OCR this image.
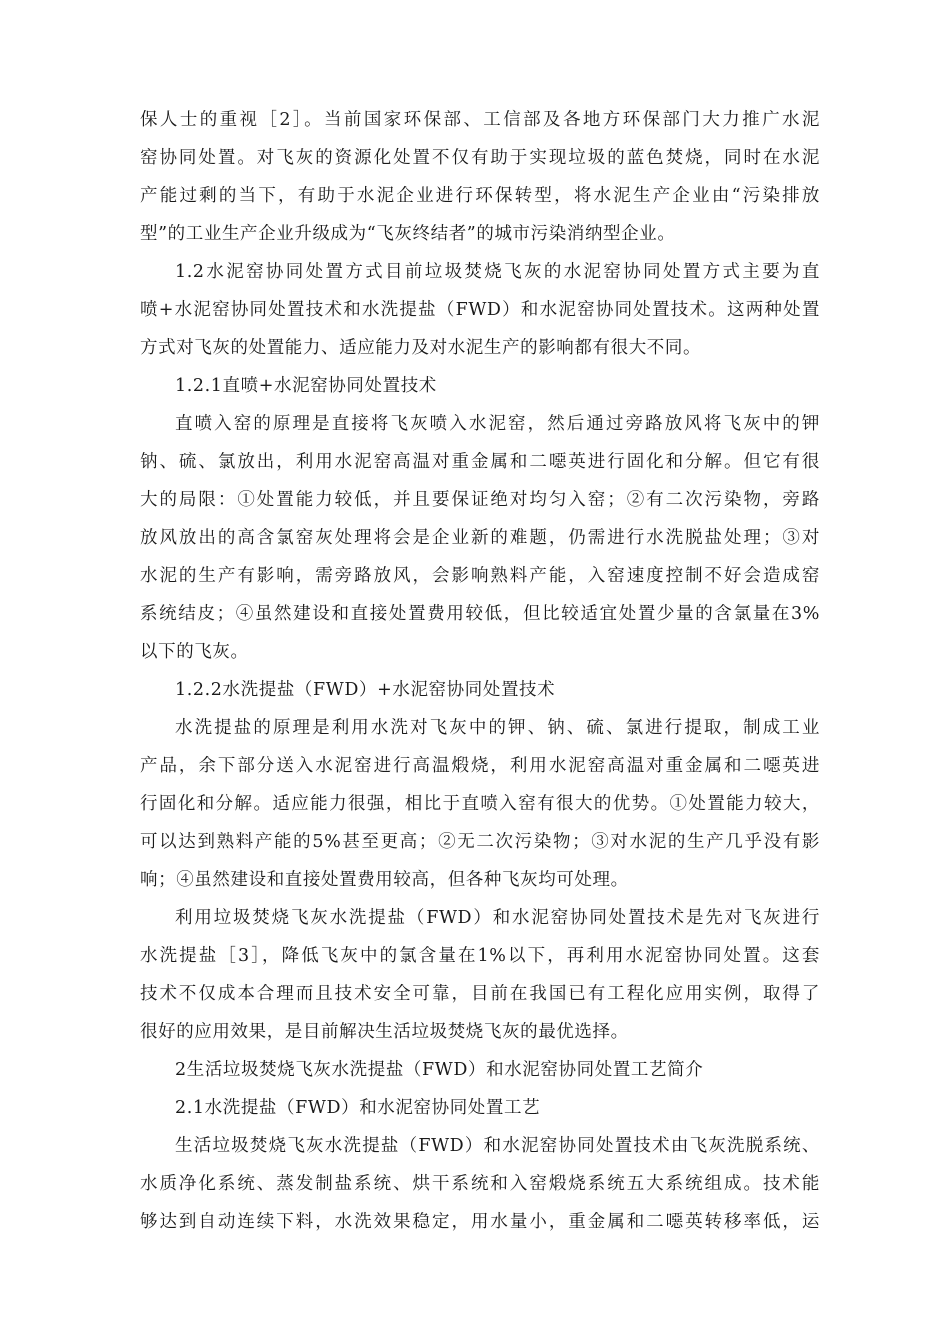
保人士的重视［2］。当前国家环保部、工信部及各地方环保部门大力推广水泥
窑协同处置。对飞灰的资源化处置不仅有助于实现垃圾的蓝色焚烧，同时在水泥
产能过剩的当下，有助于水泥企业进行环保转型，将水泥生产企业由“污染排放
型”的工业生产企业升级成为“飞灰终结者”的城市污染消纳型企业。
1.2水泥窑协同处置方式目前垃圾焚烧飞灰的水泥窑协同处置方式主要为直
喷+水泥窑协同处置技术和水洗提盐（FWD）和水泥窑协同处置技术。这两种处置
方式对飞灰的处置能力、适应能力及对水泥生产的影响都有很大不同。
1.2.1直喷+水泥窑协同处置技术
直喷入窑的原理是直接将飞灰喷入水泥窑，然后通过旁路放风将飞灰中的钾
钠、硫、氯放出，利用水泥窑高温对重金属和二噁英进行固化和分解。但它有很
大的局限：①处置能力较低，并且要保证绝对均匀入窑；②有二次污染物，旁路
放风放出的高含氯窑灰处理将会是企业新的难题，仍需进行水洗脱盐处理；③对
水泥的生产有影响，需旁路放风，会影响熟料产能，入窑速度控制不好会造成窑
系统结皮；④虽然建设和直接处置费用较低，但比较适宜处置少量的含氯量在3%
以下的飞灰。
1.2.2水洗提盐（FWD）+水泥窑协同处置技术
水洗提盐的原理是利用水洗对飞灰中的钾、钠、硫、氯进行提取，制成工业
产品，余下部分送入水泥窑进行高温煅烧，利用水泥窑高温对重金属和二噁英进
行固化和分解。适应能力很强，相比于直喷入窑有很大的优势。①处置能力较大，
可以达到熟料产能的5%甚至更高；②无二次污染物；③对水泥的生产几乎没有影
响；④虽然建设和直接处置费用较高，但各种飞灰均可处理。
利用垃圾焚烧飞灰水洗提盐（FWD）和水泥窑协同处置技术是先对飞灰进行
水洗提盐［3］，降低飞灰中的氯含量在1%以下，再利用水泥窑协同处置。这套
技术不仅成本合理而且技术安全可靠，目前在我国已有工程化应用实例，取得了
很好的应用效果，是目前解决生活垃圾焚烧飞灰的最优选择。
2生活垃圾焚烧飞灰水洗提盐（FWD）和水泥窑协同处置工艺简介
2.1水洗提盐（FWD）和水泥窑协同处置工艺
生活垃圾焚烧飞灰水洗提盐（FWD）和水泥窑协同处置技术由飞灰洗脱系统、
水质净化系统、蒸发制盐系统、烘干系统和入窑煅烧系统五大系统组成。技术能
够达到自动连续下料，水洗效果稳定，用水量小，重金属和二噁英转移率低，运
